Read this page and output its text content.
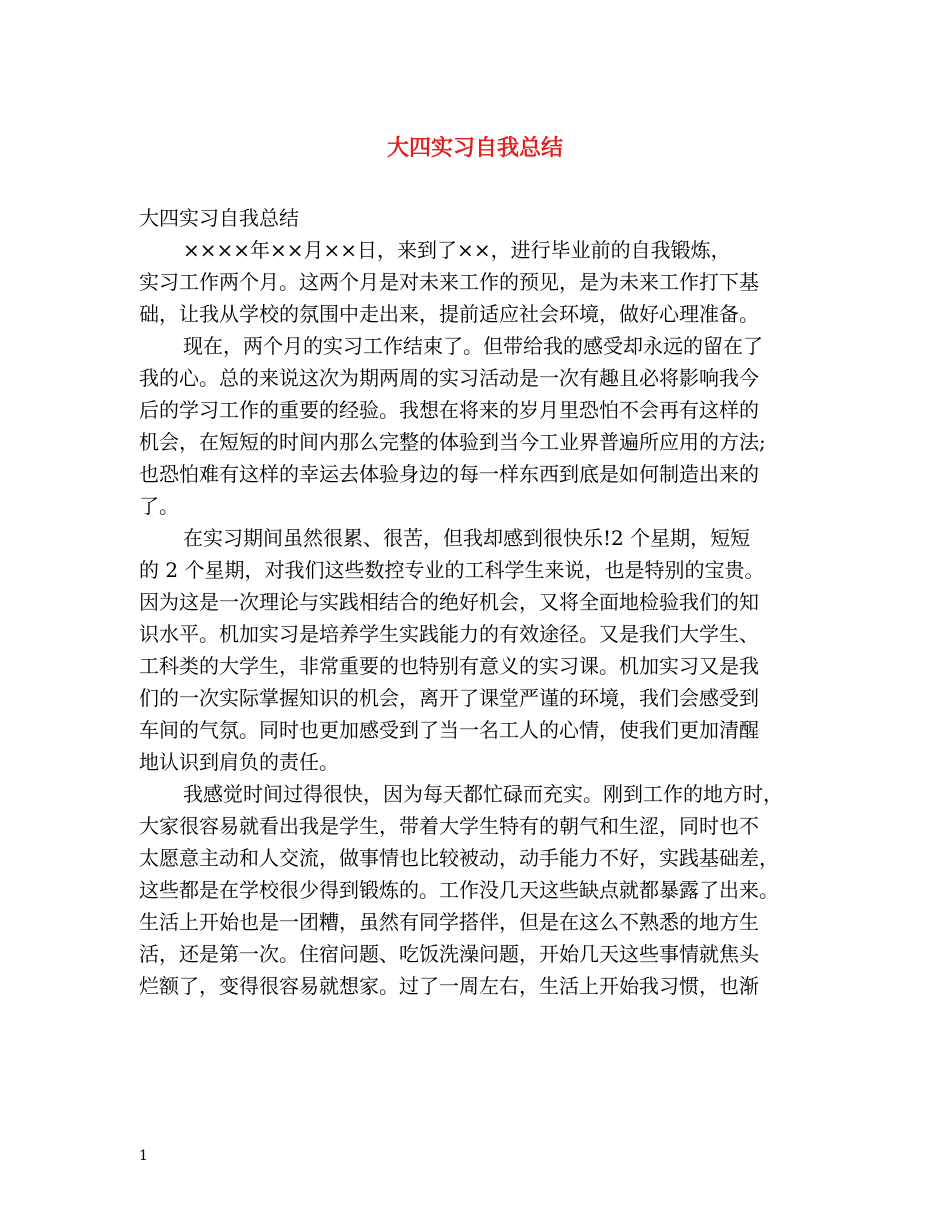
大四实习自我总结

大四实习自我总结

××××年××月××日，来到了××，进行毕业前的自我锻炼，

实习工作两个月。这两个月是对未来工作的预见，是为未来工作打下基

础，让我从学校的氛围中走出来，提前适应社会环境，做好心理准备。

现在，两个月的实习工作结束了。但带给我的感受却永远的留在了

我的心。总的来说这次为期两周的实习活动是一次有趣且必将影响我今

后的学习工作的重要的经验。我想在将来的岁月里恐怕不会再有这样的

机会，在短短的时间内那么完整的体验到当今工业界普遍所应用的方法;

也恐怕难有这样的幸运去体验身边的每一样东西到底是如何制造出来的

了。

在实习期间虽然很累、很苦，但我却感到很快乐!2 个星期，短短

的 2 个星期，对我们这些数控专业的工科学生来说，也是特别的宝贵。

因为这是一次理论与实践相结合的绝好机会，又将全面地检验我们的知

识水平。机加实习是培养学生实践能力的有效途径。又是我们大学生、

工科类的大学生，非常重要的也特别有意义的实习课。机加实习又是我

们的一次实际掌握知识的机会，离开了课堂严谨的环境，我们会感受到

车间的气氛。同时也更加感受到了当一名工人的心情，使我们更加清醒

地认识到肩负的责任。

我感觉时间过得很快，因为每天都忙碌而充实。刚到工作的地方时，

大家很容易就看出我是学生，带着大学生特有的朝气和生涩，同时也不

太愿意主动和人交流，做事情也比较被动，动手能力不好，实践基础差，

这些都是在学校很少得到锻炼的。工作没几天这些缺点就都暴露了出来。

生活上开始也是一团糟，虽然有同学搭伴，但是在这么不熟悉的地方生

活，还是第一次。住宿问题、吃饭洗澡问题，开始几天这些事情就焦头

烂额了，变得很容易就想家。过了一周左右，生活上开始我习惯，也渐

1
